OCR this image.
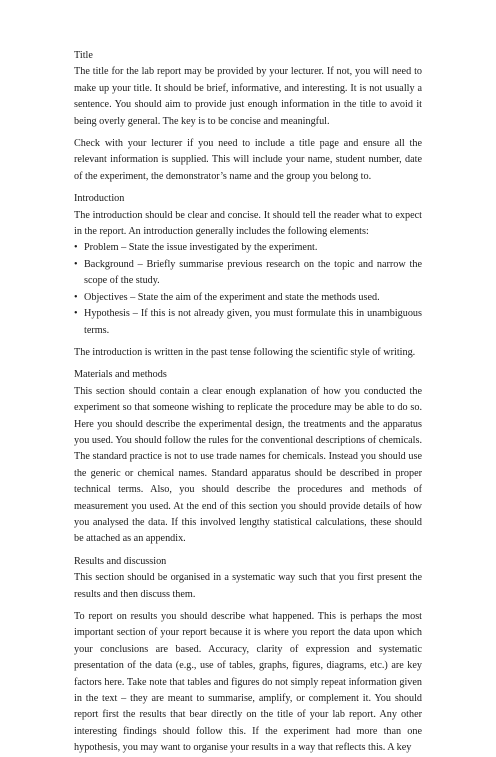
Title

The title for the lab report may be provided by your lecturer. If not, you will need to make up your title. It should be brief, informative, and interesting. It is not usually a sentence. You should aim to provide just enough information in the title to avoid it being overly general. The key is to be concise and meaningful.

Check with your lecturer if you need to include a title page and ensure all the relevant information is supplied. This will include your name, student number, date of the experiment, the demonstrator’s name and the group you belong to.

Introduction

The introduction should be clear and concise. It should tell the reader what to expect in the report. An introduction generally includes the following elements:

• Problem – State the issue investigated by the experiment.
• Background – Briefly summarise previous research on the topic and narrow the scope of the study.
• Objectives – State the aim of the experiment and state the methods used.
• Hypothesis – If this is not already given, you must formulate this in unambiguous terms.

The introduction is written in the past tense following the scientific style of writing.

Materials and methods

This section should contain a clear enough explanation of how you conducted the experiment so that someone wishing to replicate the procedure may be able to do so. Here you should describe the experimental design, the treatments and the apparatus you used. You should follow the rules for the conventional descriptions of chemicals. The standard practice is not to use trade names for chemicals. Instead you should use the generic or chemical names. Standard apparatus should be described in proper technical terms. Also, you should describe the procedures and methods of measurement you used. At the end of this section you should provide details of how you analysed the data. If this involved lengthy statistical calculations, these should be attached as an appendix.

Results and discussion

This section should be organised in a systematic way such that you first present the results and then discuss them.

To report on results you should describe what happened. This is perhaps the most important section of your report because it is where you report the data upon which your conclusions are based. Accuracy, clarity of expression and systematic presentation of the data (e.g., use of tables, graphs, figures, diagrams, etc.) are key factors here. Take note that tables and figures do not simply repeat information given in the text – they are meant to summarise, amplify, or complement it. You should report first the results that bear directly on the title of your lab report. Any other interesting findings should follow this. If the experiment had more than one hypothesis, you may want to organise your results in a way that reflects this. A key
